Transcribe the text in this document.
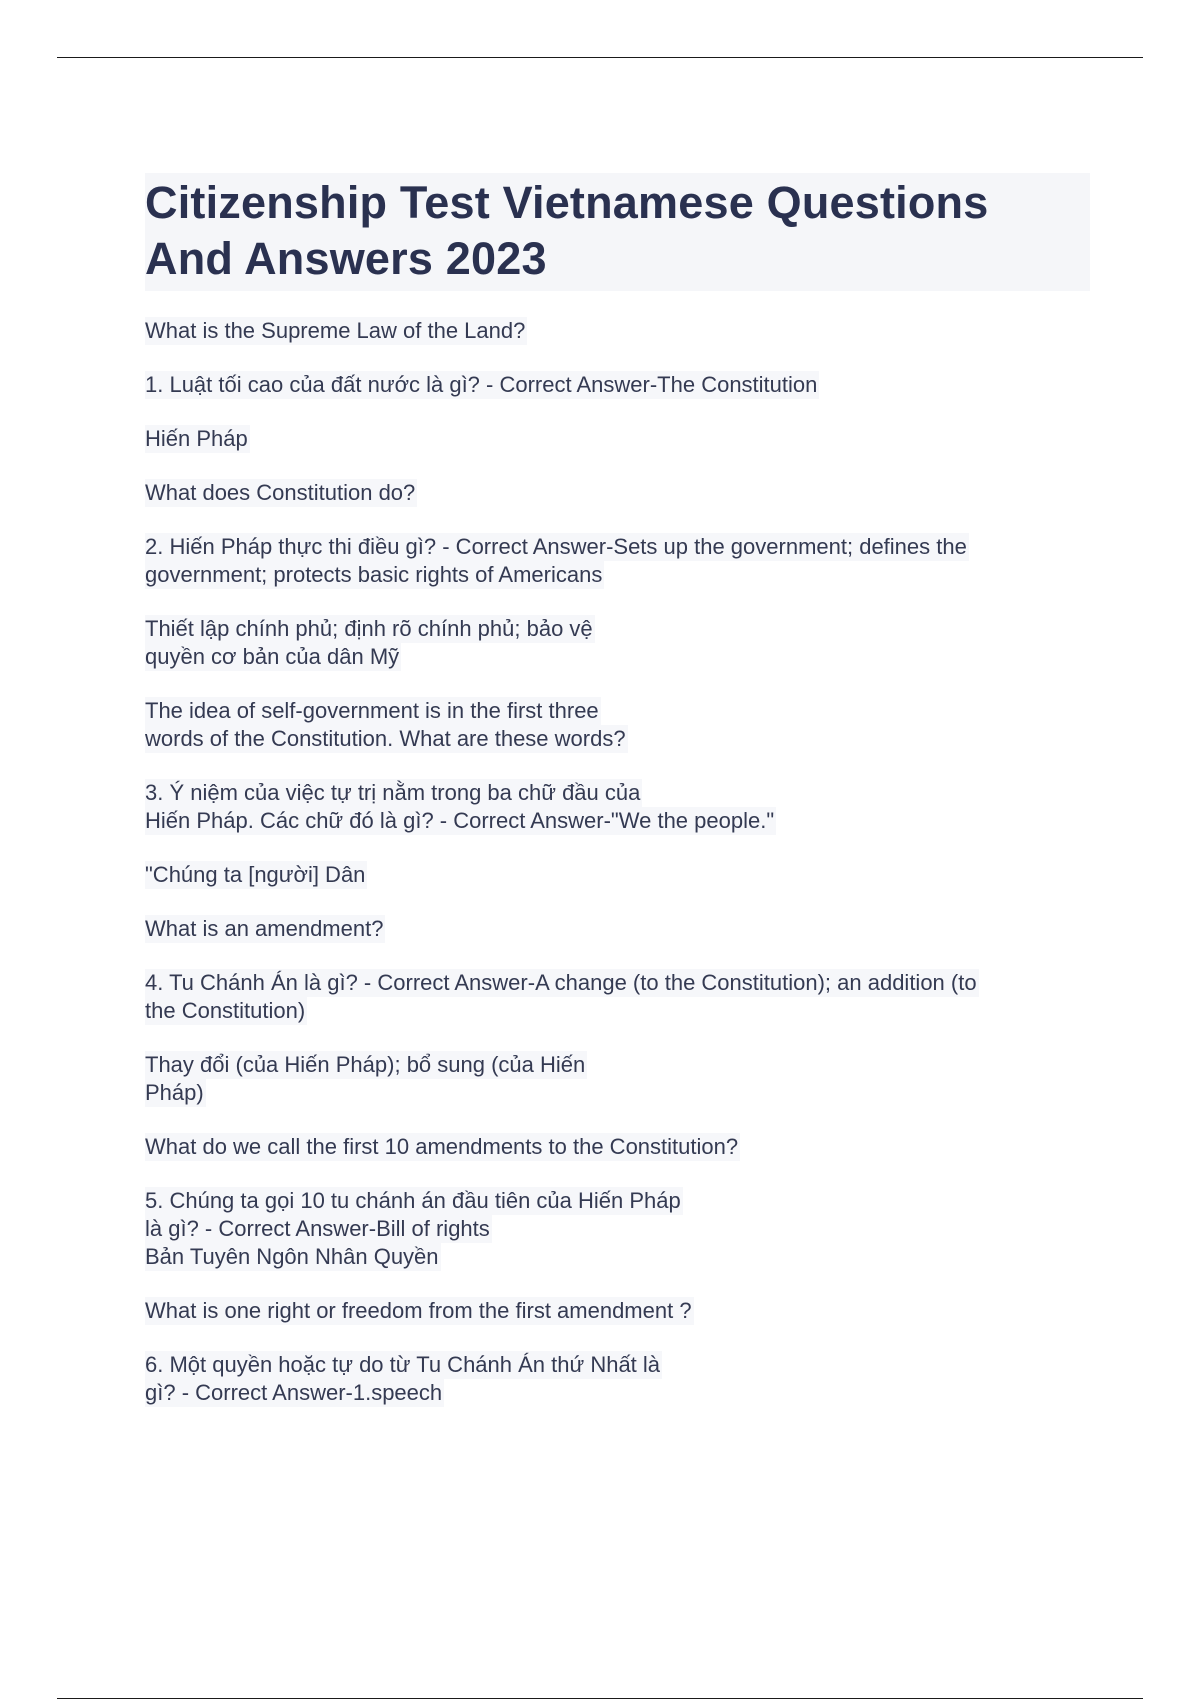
Citizenship Test Vietnamese Questions
And Answers 2023

What is the Supreme Law of the Land?

1. Luật tối cao của đất nước là gì? - Correct Answer-The Constitution

Hiến Pháp

What does Constitution do?

2. Hiến Pháp thực thi điều gì? - Correct Answer-Sets up the government; defines the
government; protects basic rights of Americans

Thiết lập chính phủ; định rõ chính phủ; bảo vệ
quyền cơ bản của dân Mỹ

The idea of self-government is in the first three
words of the Constitution. What are these words?

3. Ý niệm của việc tự trị nằm trong ba chữ đầu của
Hiến Pháp. Các chữ đó là gì? - Correct Answer-"We the people."

"Chúng ta [người] Dân

What is an amendment?

4. Tu Chánh Án là gì? - Correct Answer-A change (to the Constitution); an addition (to
the Constitution)

Thay đổi (của Hiến Pháp); bổ sung (của Hiến
Pháp)

What do we call the first 10 amendments to the Constitution?

5. Chúng ta gọi 10 tu chánh án đầu tiên của Hiến Pháp
là gì? - Correct Answer-Bill of rights
Bản Tuyên Ngôn Nhân Quyền

What is one right or freedom from the first amendment ?

6. Một quyền hoặc tự do từ Tu Chánh Án thứ Nhất là
gì? - Correct Answer-1.speech
